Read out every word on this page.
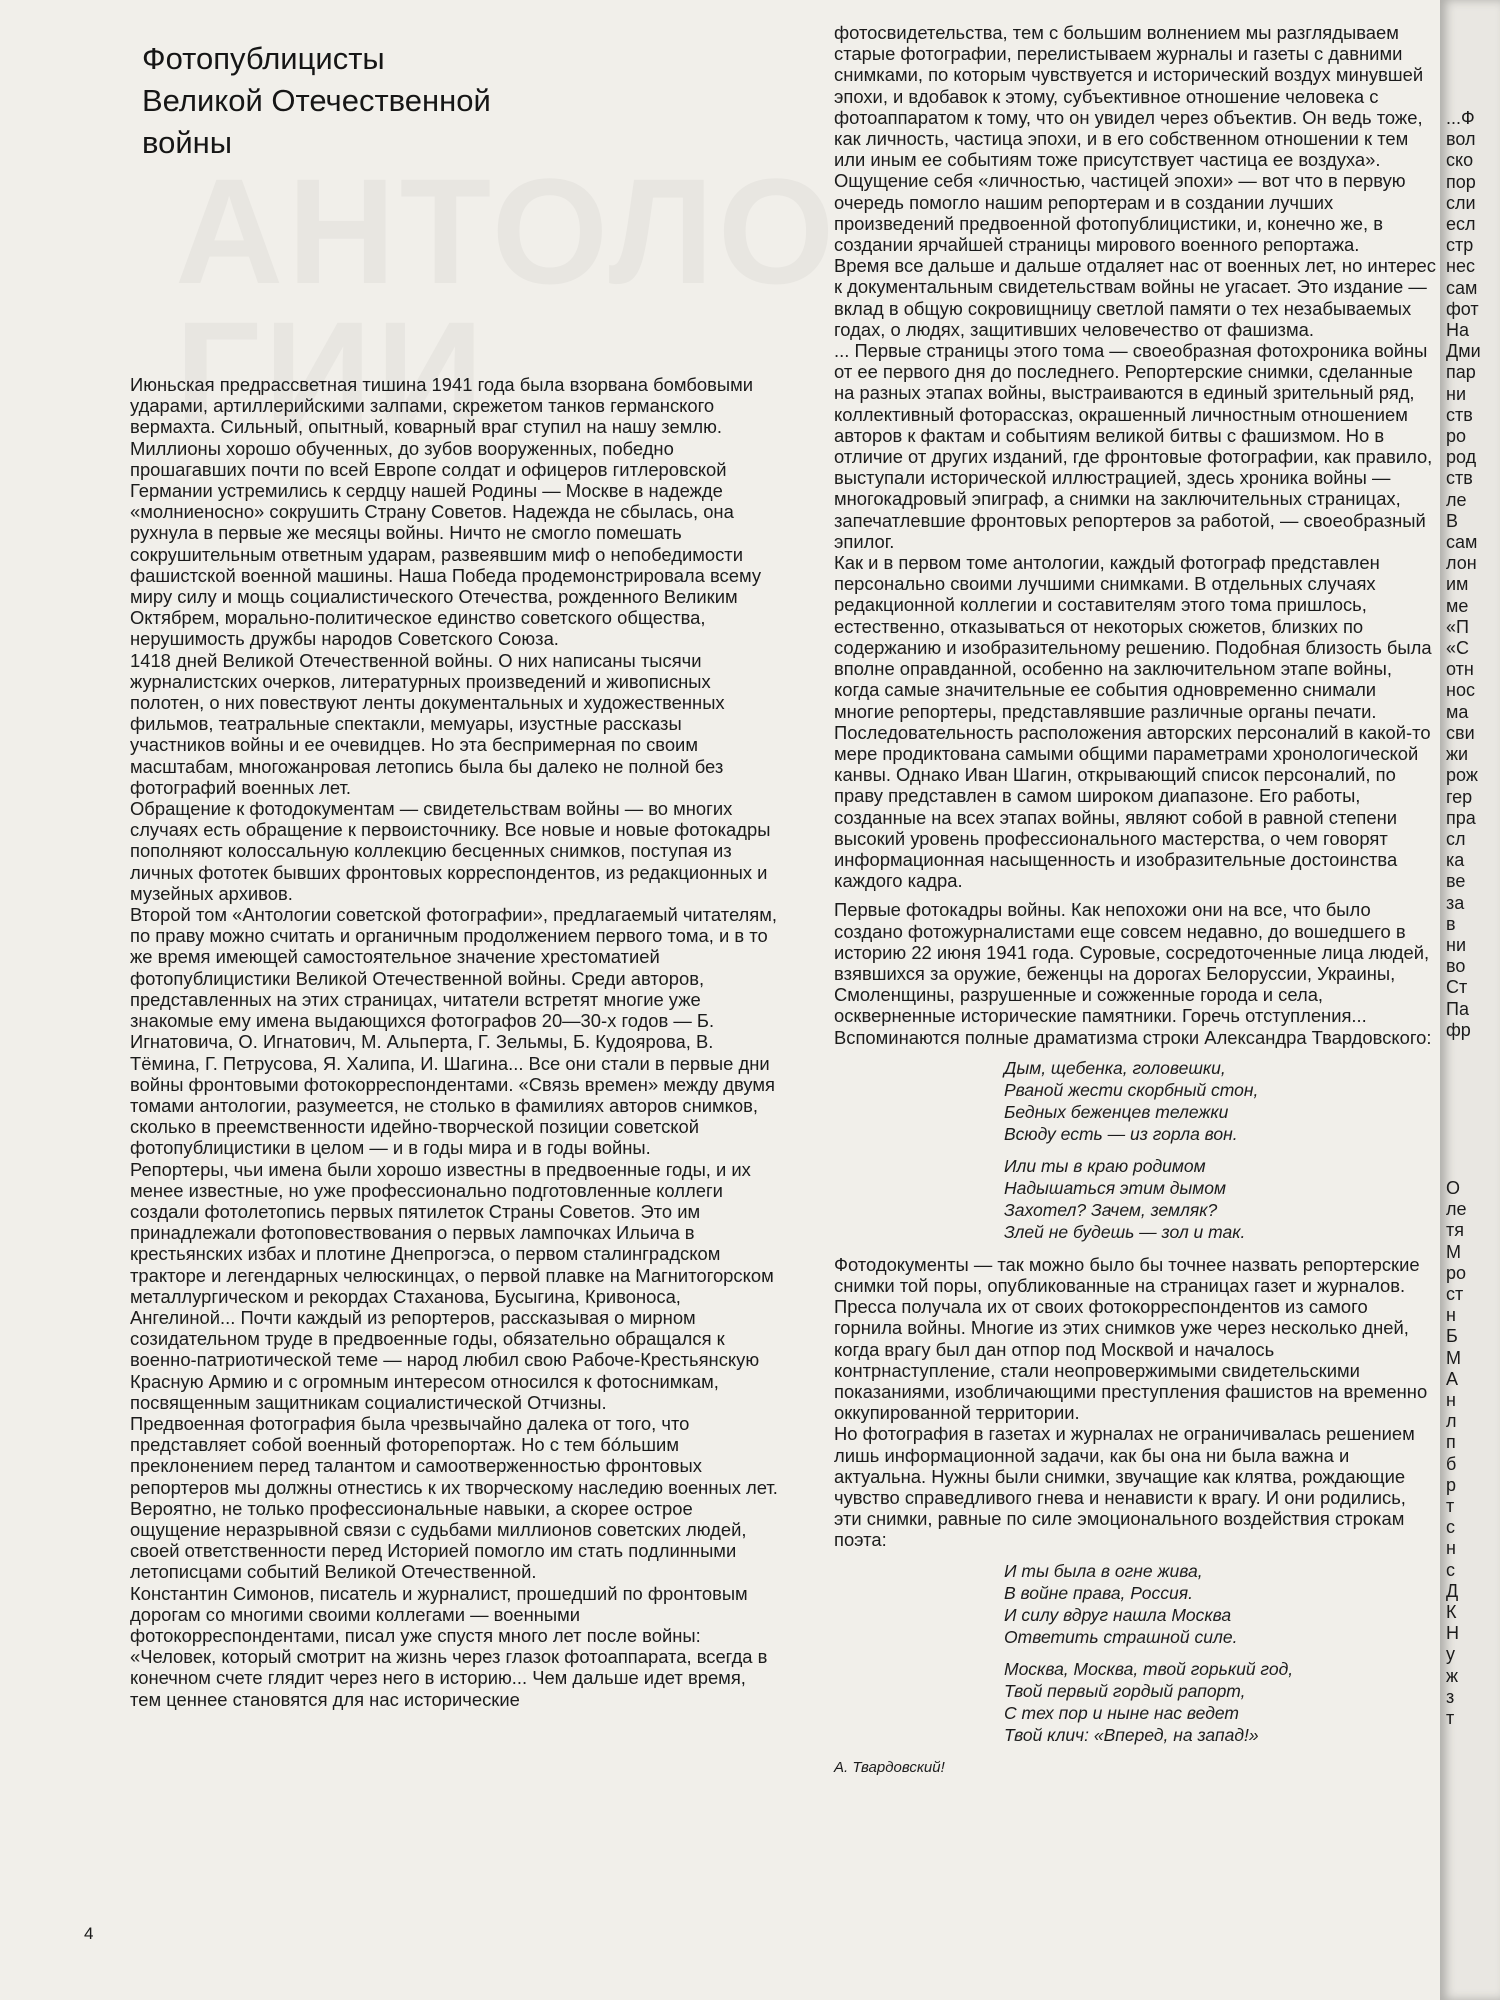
Фотопублицисты
Великой Отечественной
войны

Июньская предрассветная тишина 1941 года была взорвана бомбовыми ударами, артиллерийскими залпами, скрежетом танков германского вермахта. Сильный, опытный, коварный враг ступил на нашу землю. Миллионы хорошо обученных, до зубов вооруженных, победно прошагавших почти по всей Европе солдат и офицеров гитлеровской Германии устремились к сердцу нашей Родины — Москве в надежде «молниеносно» сокрушить Страну Советов. Надежда не сбылась, она рухнула в первые же месяцы войны. Ничто не смогло помешать сокрушительным ответным ударам, развеявшим миф о непобедимости фашистской военной машины. Наша Победа продемонстрировала всему миру силу и мощь социалистического Отечества, рожденного Великим Октябрем, морально-политическое единство советского общества, нерушимость дружбы народов Советского Союза.

1418 дней Великой Отечественной войны. О них написаны тысячи журналистских очерков, литературных произведений и живописных полотен, о них повествуют ленты документальных и художественных фильмов, театральные спектакли, мемуары, изустные рассказы участников войны и ее очевидцев. Но эта беспримерная по своим масштабам, многожанровая летопись была бы далеко не полной без фотографий военных лет.

Обращение к фотодокументам — свидетельствам войны — во многих случаях есть обращение к первоисточнику. Все новые и новые фотокадры пополняют колоссальную коллекцию бесценных снимков, поступая из личных фототек бывших фронтовых корреспондентов, из редакционных и музейных архивов.

Второй том «Антологии советской фотографии», предлагаемый читателям, по праву можно считать и органичным продолжением первого тома, и в то же время имеющей самостоятельное значение хрестоматией фотопублицистики Великой Отечественной войны. Среди авторов, представленных на этих страницах, читатели встретят многие уже знакомые ему имена выдающихся фотографов 20—30-х годов — Б. Игнатовича, О. Игнатович, М. Альперта, Г. Зельмы, Б. Кудоярова, В. Тёмина, Г. Петрусова, Я. Халипа, И. Шагина... Все они стали в первые дни войны фронтовыми фотокорреспондентами. «Связь времен» между двумя томами антологии, разумеется, не столько в фамилиях авторов снимков, сколько в преемственности идейно-творческой позиции советской фотопублицистики в целом — и в годы мира и в годы войны.

Репортеры, чьи имена были хорошо известны в предвоенные годы, и их менее известные, но уже профессионально подготовленные коллеги создали фотолетопись первых пятилеток Страны Советов. Это им принадлежали фотоповествования о первых лампочках Ильича в крестьянских избах и плотине Днепрогэса, о первом сталинградском тракторе и легендарных челюскинцах, о первой плавке на Магнитогорском металлургическом и рекордах Стаханова, Бусыгина, Кривоноса, Ангелиной... Почти каждый из репортеров, рассказывая о мирном созидательном труде в предвоенные годы, обязательно обращался к военно-патриотической теме — народ любил свою Рабоче-Крестьянскую Красную Армию и с огромным интересом относился к фотоснимкам, посвященным защитникам социалистической Отчизны.

Предвоенная фотография была чрезвычайно далека от того, что представляет собой военный фоторепортаж. Но с тем бо́льшим преклонением перед талантом и самоотверженностью фронтовых репортеров мы должны отнестись к их творческому наследию военных лет. Вероятно, не только профессиональные навыки, а скорее острое ощущение неразрывной связи с судьбами миллионов советских людей, своей ответственности перед Историей помогло им стать подлинными летописцами событий Великой Отечественной.

Константин Симонов, писатель и журналист, прошедший по фронтовым дорогам со многими своими коллегами — военными фотокорреспондентами, писал уже спустя много лет после войны: «Человек, который смотрит на жизнь через глазок фотоаппарата, всегда в конечном счете глядит через него в историю... Чем дальше идет время, тем ценнее становятся для нас исторические

фотосвидетельства, тем с большим волнением мы разглядываем старые фотографии, перелистываем журналы и газеты с давними снимками, по которым чувствуется и исторический воздух минувшей эпохи, и вдобавок к этому, субъективное отношение человека с фотоаппаратом к тому, что он увидел через объектив. Он ведь тоже, как личность, частица эпохи, и в его собственном отношении к тем или иным ее событиям тоже присутствует частица ее воздуха».

Ощущение себя «личностью, частицей эпохи» — вот что в первую очередь помогло нашим репортерам и в создании лучших произведений предвоенной фотопублицистики, и, конечно же, в создании ярчайшей страницы мирового военного репортажа.

Время все дальше и дальше отдаляет нас от военных лет, но интерес к документальным свидетельствам войны не угасает. Это издание — вклад в общую сокровищницу светлой памяти о тех незабываемых годах, о людях, защитивших человечество от фашизма.

... Первые страницы этого тома — своеобразная фотохроника войны от ее первого дня до последнего. Репортерские снимки, сделанные на разных этапах войны, выстраиваются в единый зрительный ряд, коллективный фоторассказ, окрашенный личностным отношением авторов к фактам и событиям великой битвы с фашизмом. Но в отличие от других изданий, где фронтовые фотографии, как правило, выступали исторической иллюстрацией, здесь хроника войны — многокадровый эпиграф, а снимки на заключительных страницах, запечатлевшие фронтовых репортеров за работой, — своеобразный эпилог.

Как и в первом томе антологии, каждый фотограф представлен персонально своими лучшими снимками. В отдельных случаях редакционной коллегии и составителям этого тома пришлось, естественно, отказываться от некоторых сюжетов, близких по содержанию и изобразительному решению. Подобная близость была вполне оправданной, особенно на заключительном этапе войны, когда самые значительные ее события одновременно снимали многие репортеры, представлявшие различные органы печати. Последовательность расположения авторских персоналий в какой-то мере продиктована самыми общими параметрами хронологической канвы. Однако Иван Шагин, открывающий список персоналий, по праву представлен в самом широком диапазоне. Его работы, созданные на всех этапах войны, являют собой в равной степени высокий уровень профессионального мастерства, о чем говорят информационная насыщенность и изобразительные достоинства каждого кадра.

Первые фотокадры войны. Как непохожи они на все, что было создано фотожурналистами еще совсем недавно, до вошедшего в историю 22 июня 1941 года. Суровые, сосредоточенные лица людей, взявшихся за оружие, беженцы на дорогах Белоруссии, Украины, Смоленщины, разрушенные и сожженные города и села, оскверненные исторические памятники. Горечь отступления... Вспоминаются полные драматизма строки Александра Твардовского:

Дым, щебенка, головешки,

Рваной жести скорбный стон,

Бедных беженцев тележки

Всюду есть — из горла вон.

Или ты в краю родимом

Надышаться этим дымом

Захотел? Зачем, земляк?

Злей не будешь — зол и так.

Фотодокументы — так можно было бы точнее назвать репортерские снимки той поры, опубликованные на страницах газет и журналов. Пресса получала их от своих фотокорреспондентов из самого горнила войны. Многие из этих снимков уже через несколько дней, когда врагу был дан отпор под Москвой и началось контрнаступление, стали неопровержимыми свидетельскими показаниями, изобличающими преступления фашистов на временно оккупированной территории.

Но фотография в газетах и журналах не ограничивалась решением лишь информационной задачи, как бы она ни была важна и актуальна. Нужны были снимки, звучащие как клятва, рождающие чувство справедливого гнева и ненависти к врагу. И они родились, эти снимки, равные по силе эмоционального воздействия строкам поэта:

И ты была в огне жива,

В войне права, Россия.

И силу вдруг нашла Москва

Ответить страшной силе.

Москва, Москва, твой горький год,

Твой первый гордый рапорт,

С тех пор и ныне нас ведет

Твой клич: «Вперед, на запад!»

А. Твардовский!

4

...Ф

вол

ско

пор

сли

есл

стр

нес

сам

фот

На

Дми

пар

ни

ств

ро

род

ств

ле

В

сам

лон

им

ме

«П

«С

отн

нос

ма

сви

жи

рож

гер

пра

сл

ка

ве

за

в

ни

во

Ст

Па

фр

О

ле

тя

М

ро

ст

н

Б

М

А

н

л

п

б

р

т

с

н

с

Д

К

Н

у

ж

з

т
